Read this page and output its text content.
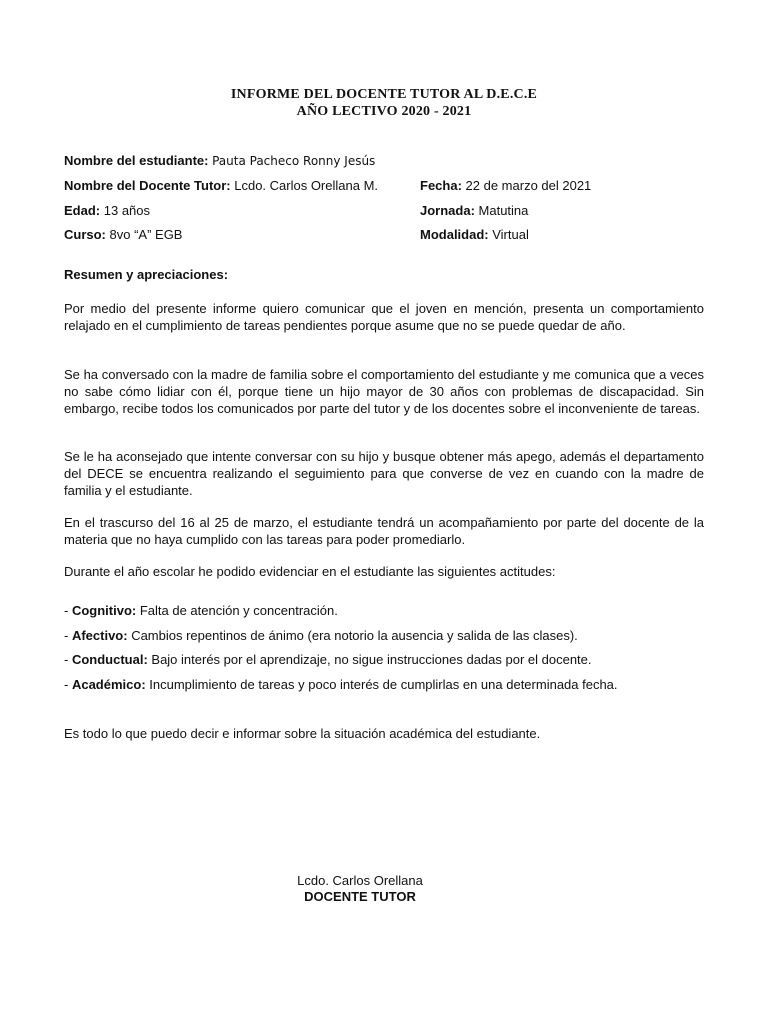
INFORME DEL DOCENTE TUTOR AL D.E.C.E
AÑO LECTIVO 2020 - 2021
Nombre del estudiante: Pauta Pacheco Ronny Jesús
Nombre del Docente Tutor: Lcdo. Carlos Orellana M.	Fecha: 22 de marzo del 2021
Edad: 13 años	Jornada: Matutina
Curso: 8vo “A” EGB	Modalidad: Virtual
Resumen y apreciaciones:

Por medio del presente informe quiero comunicar que el joven en mención, presenta un comportamiento relajado en el cumplimiento de tareas pendientes porque asume que no se puede quedar de año.

Se ha conversado con la madre de familia sobre el comportamiento del estudiante y me comunica que a veces no sabe cómo lidiar con él, porque tiene un hijo mayor de 30 años con problemas de discapacidad. Sin embargo, recibe todos los comunicados por parte del tutor y de los docentes sobre el inconveniente de tareas.

Se le ha aconsejado que intente conversar con su hijo y busque obtener más apego, además el departamento del DECE se encuentra realizando el seguimiento para que converse de vez en cuando con la madre de familia y el estudiante.

En el trascurso del 16 al 25 de marzo, el estudiante tendrá un acompañamiento por parte del docente de la materia que no haya cumplido con las tareas para poder promediarlo.

Durante el año escolar he podido evidenciar en el estudiante las siguientes actitudes:

- Cognitivo: Falta de atención y concentración.
- Afectivo: Cambios repentinos de ánimo (era notorio la ausencia y salida de las clases).
- Conductual: Bajo interés por el aprendizaje, no sigue instrucciones dadas por el docente.
- Académico: Incumplimiento de tareas y poco interés de cumplirlas en una determinada fecha.

Es todo lo que puedo decir e informar sobre la situación académica del estudiante.

Lcdo. Carlos Orellana
DOCENTE TUTOR
